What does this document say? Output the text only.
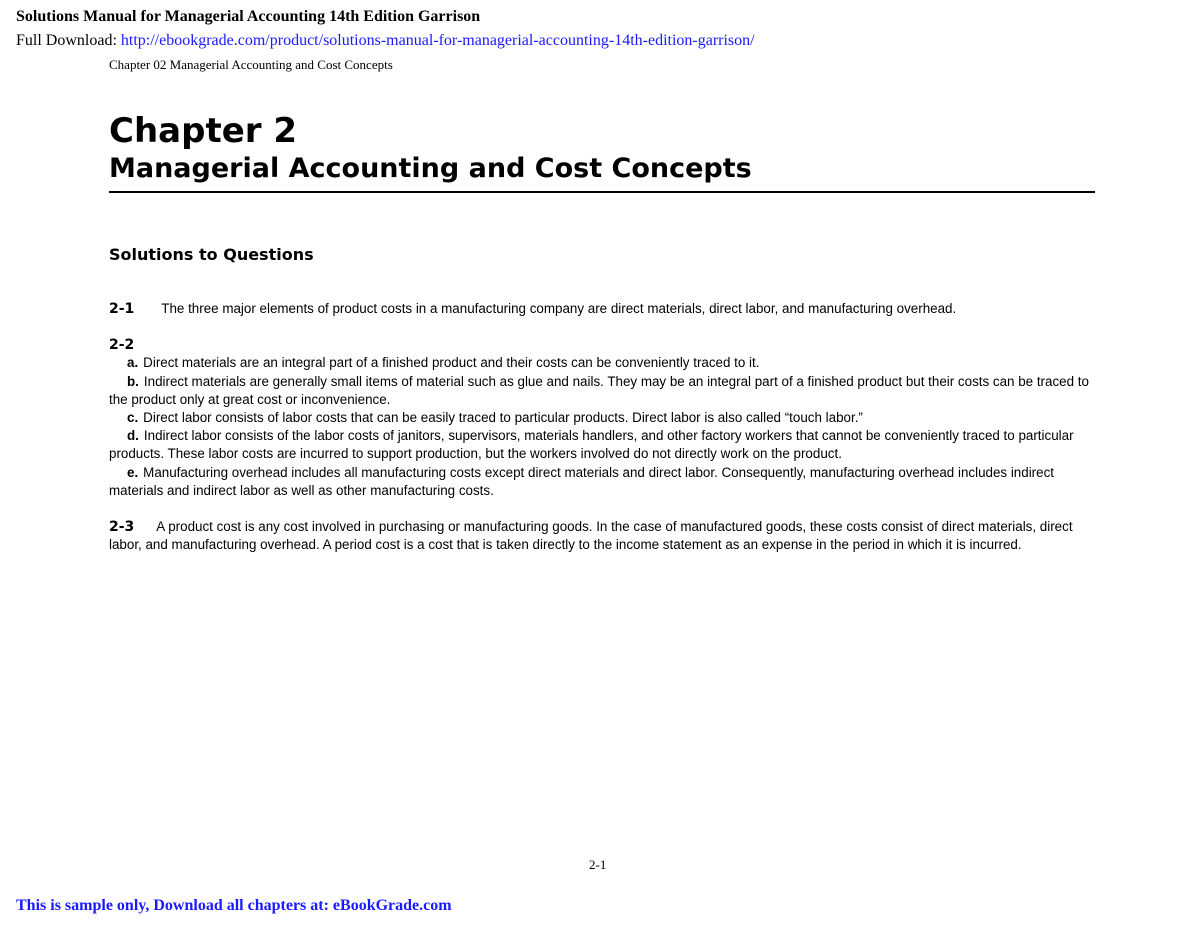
Solutions Manual for Managerial Accounting 14th Edition Garrison
Full Download: http://ebookgrade.com/product/solutions-manual-for-managerial-accounting-14th-edition-garrison/
Chapter 02 Managerial Accounting and Cost Concepts
Chapter 2
Managerial Accounting and Cost Concepts
Solutions to Questions

2-1 The three major elements of product costs in a manufacturing company are direct materials, direct labor, and manufacturing overhead.

2-2

a. Direct materials are an integral part of a finished product and their costs can be conveniently traced to it.

b. Indirect materials are generally small items of material such as glue and nails. They may be an integral part of a finished product but their costs can be traced to the product only at great cost or inconvenience.

c. Direct labor consists of labor costs that can be easily traced to particular products. Direct labor is also called “touch labor.”

d. Indirect labor consists of the labor costs of janitors, supervisors, materials handlers, and other factory workers that cannot be conveniently traced to particular products. These labor costs are incurred to support production, but the workers involved do not directly work on the product.

e. Manufacturing overhead includes all manufacturing costs except direct materials and direct labor. Consequently, manufacturing overhead includes indirect materials and indirect labor as well as other manufacturing costs.

2-3 A product cost is any cost involved in purchasing or manufacturing goods. In the case of manufactured goods, these costs consist of direct materials, direct labor, and manufacturing overhead. A period cost is a cost that is taken directly to the income statement as an expense in the period in which it is incurred.

2-1
This is sample only, Download all chapters at: eBookGrade.com
